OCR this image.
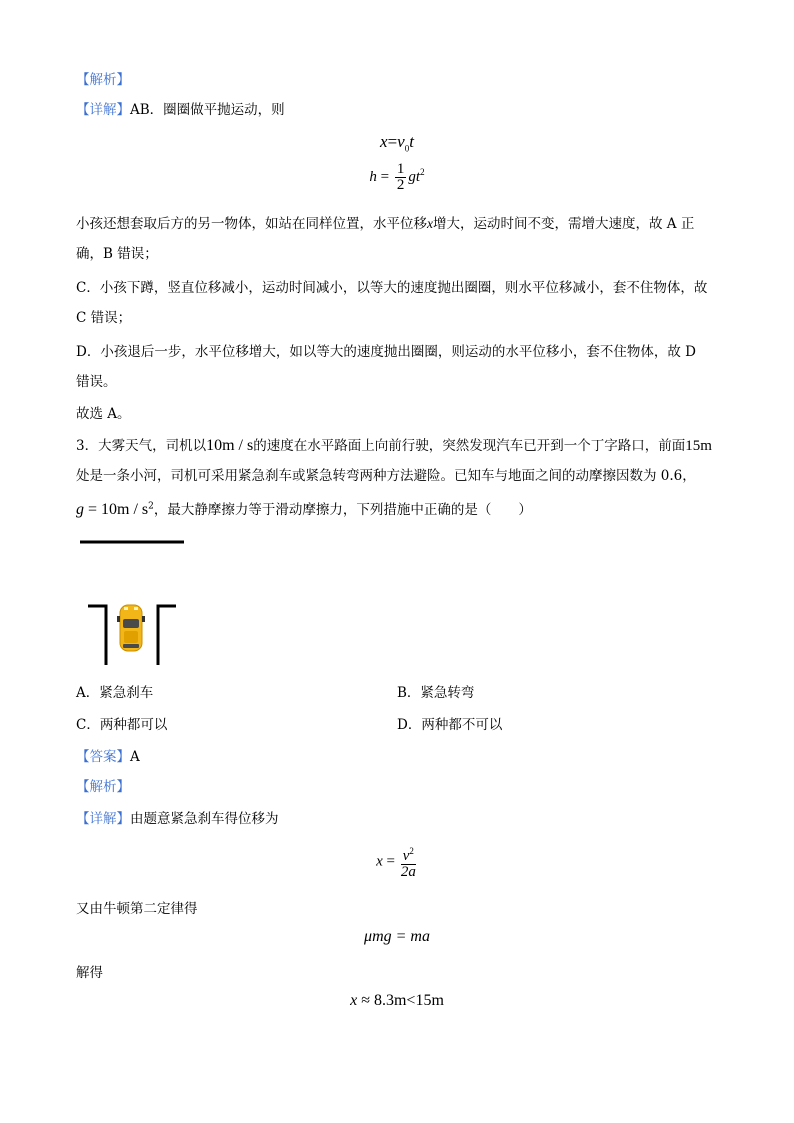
【解析】
【详解】AB．圈圈做平抛运动，则
$x=v_0t$
$h = \frac{1}{2} gt^2$
小孩还想套取后方的另一物体，如站在同样位置，水平位移x增大，运动时间不变，需增大速度，故 A 正
确，B 错误；
C．小孩下蹲，竖直位移减小，运动时间减小，以等大的速度抛出圈圈，则水平位移减小，套不住物体，故
C 错误；
D．小孩退后一步，水平位移增大，如以等大的速度抛出圈圈，则运动的水平位移小，套不住物体，故 D
错误。
故选 A。
3．大雾天气，司机以10m / s的速度在水平路面上向前行驶，突然发现汽车已开到一个丁字路口，前面15m
处是一条小河，司机可采用紧急刹车或紧急转弯两种方法避险。已知车与地面之间的动摩擦因数为 0.6，
$g = 10m / s^2$，最大静摩擦力等于滑动摩擦力，下列措施中正确的是（　　）
A．紧急刹车	B．紧急转弯
C．两种都可以	D．两种都不可以
【答案】A
【解析】
【详解】由题意紧急刹车得位移为
$x = \frac{v^2}{2a}$
又由牛顿第二定律得
μmg = ma
解得
x ≈ 8.3m<15m
